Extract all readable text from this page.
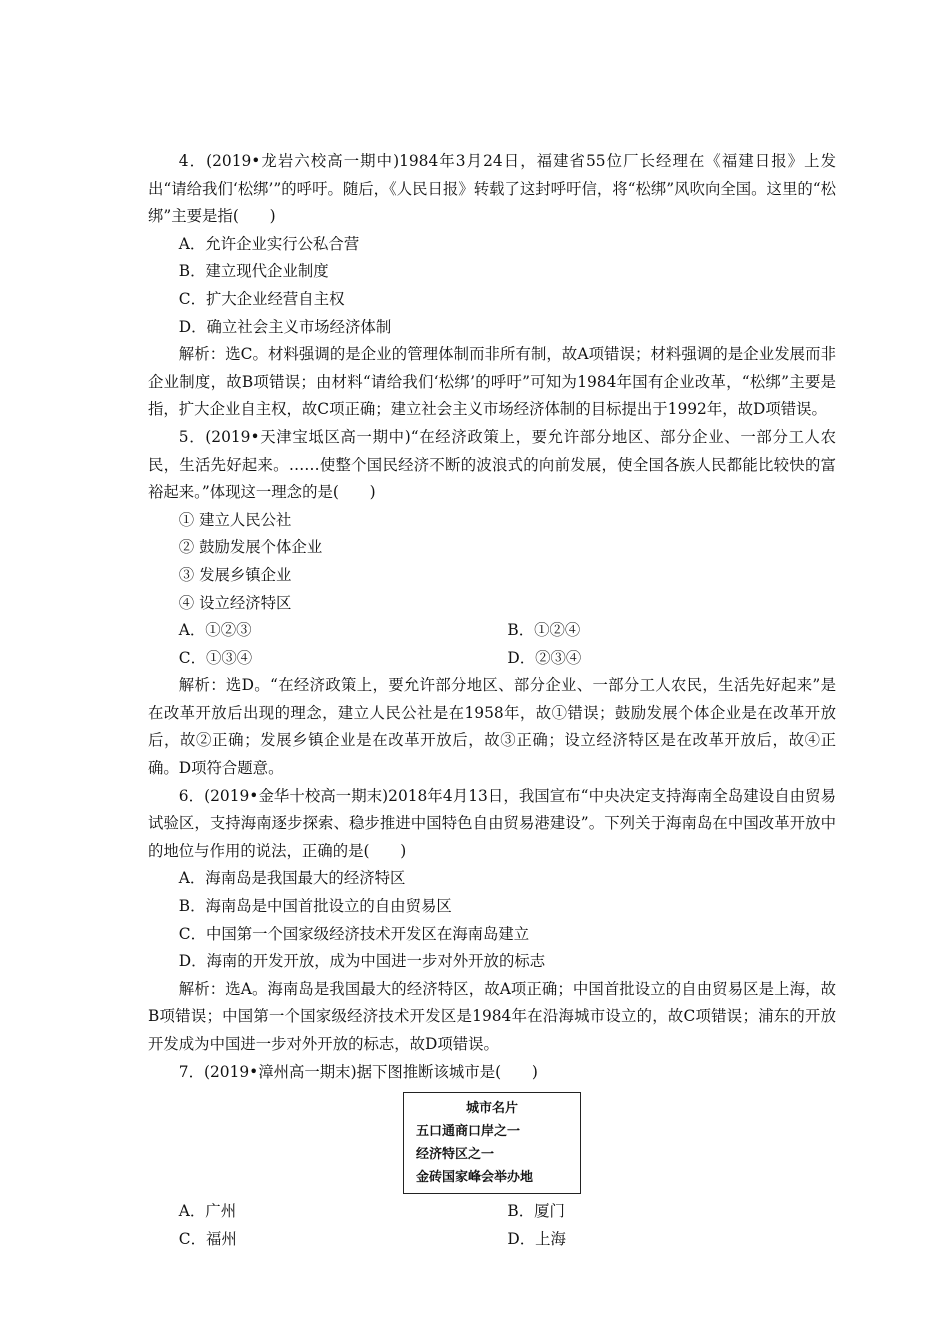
4．(2019•龙岩六校高一期中)1984年3月24日，福建省55位厂长经理在《福建日报》上发出“请给我们‘松绑’”的呼吁。随后，《人民日报》转载了这封呼吁信，将“松绑”风吹向全国。这里的“松绑”主要是指(　　)

A．允许企业实行公私合营

B．建立现代企业制度

C．扩大企业经营自主权

D．确立社会主义市场经济体制

解析：选C。材料强调的是企业的管理体制而非所有制，故A项错误；材料强调的是企业发展而非企业制度，故B项错误；由材料“请给我们‘松绑’的呼吁”可知为1984年国有企业改革，“松绑”主要是指，扩大企业自主权，故C项正确；建立社会主义市场经济体制的目标提出于1992年，故D项错误。

5．(2019•天津宝坻区高一期中)“在经济政策上，要允许部分地区、部分企业、一部分工人农民，生活先好起来。……使整个国民经济不断的波浪式的向前发展，使全国各族人民都能比较快的富裕起来。”体现这一理念的是(　　)

① 建立人民公社

② 鼓励发展个体企业

③ 发展乡镇企业

④ 设立经济特区

A．①②③	B．①②④
C．①③④	D．②③④

解析：选D。“在经济政策上，要允许部分地区、部分企业、一部分工人农民，生活先好起来”是在改革开放后出现的理念，建立人民公社是在1958年，故①错误；鼓励发展个体企业是在改革开放后，故②正确；发展乡镇企业是在改革开放后，故③正确；设立经济特区是在改革开放后，故④正确。D项符合题意。

6．(2019•金华十校高一期末)2018年4月13日，我国宣布“中央决定支持海南全岛建设自由贸易试验区，支持海南逐步探索、稳步推进中国特色自由贸易港建设”。下列关于海南岛在中国改革开放中的地位与作用的说法，正确的是(　　)

A．海南岛是我国最大的经济特区

B．海南岛是中国首批设立的自由贸易区

C．中国第一个国家级经济技术开发区在海南岛建立

D．海南的开发开放，成为中国进一步对外开放的标志

解析：选A。海南岛是我国最大的经济特区，故A项正确；中国首批设立的自由贸易区是上海，故B项错误；中国第一个国家级经济技术开发区是1984年在沿海城市设立的，故C项错误；浦东的开放开发成为中国进一步对外开放的标志，故D项错误。

7．(2019•漳州高一期末)据下图推断该城市是(　　)

城市名片
五口通商口岸之一
经济特区之一
金砖国家峰会举办地
A．广州	B．厦门
C．福州	D．上海
